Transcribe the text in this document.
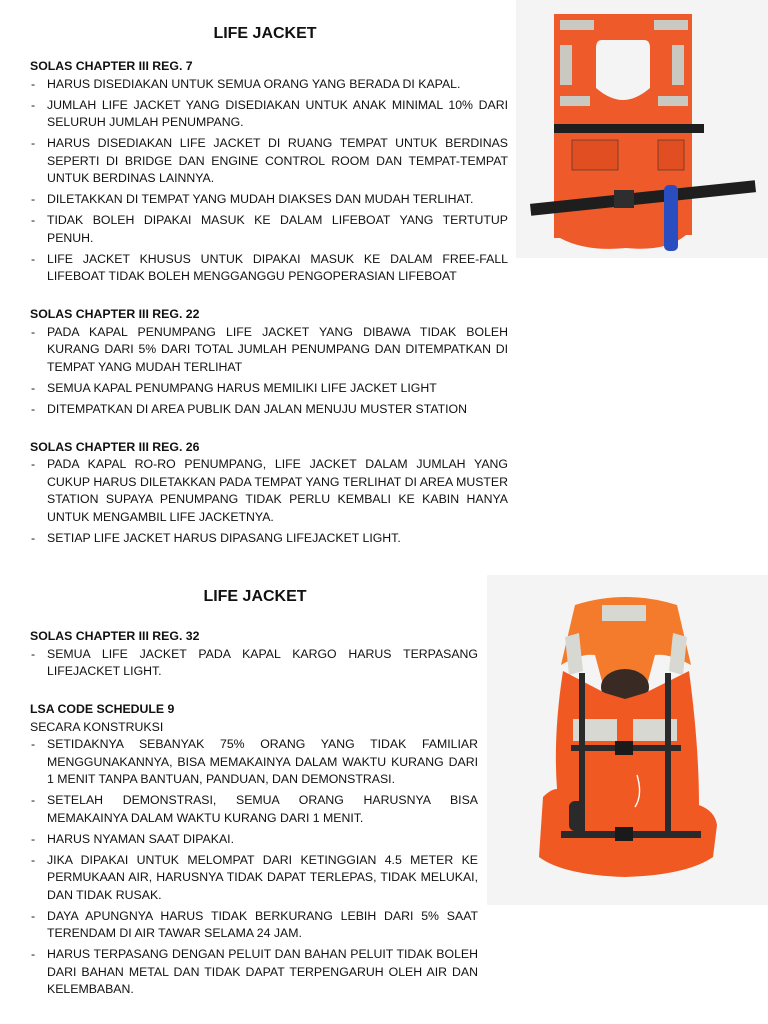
LIFE JACKET

SOLAS CHAPTER III REG. 7

- HARUS DISEDIAKAN UNTUK SEMUA ORANG YANG BERADA DI KAPAL.
- JUMLAH LIFE JACKET YANG DISEDIAKAN UNTUK ANAK MINIMAL 10% DARI SELURUH JUMLAH PENUMPANG.
- HARUS DISEDIAKAN LIFE JACKET DI RUANG TEMPAT UNTUK BERDINAS SEPERTI DI BRIDGE DAN ENGINE CONTROL ROOM DAN TEMPAT-TEMPAT UNTUK BERDINAS LAINNYA.
- DILETAKKAN DI TEMPAT YANG MUDAH DIAKSES DAN MUDAH TERLIHAT.
- TIDAK BOLEH DIPAKAI MASUK KE DALAM LIFEBOAT YANG TERTUTUP PENUH.
- LIFE JACKET KHUSUS UNTUK DIPAKAI MASUK KE DALAM FREE-FALL LIFEBOAT TIDAK BOLEH MENGGANGGU PENGOPERASIAN LIFEBOAT

SOLAS CHAPTER III REG. 22

- PADA KAPAL PENUMPANG LIFE JACKET YANG DIBAWA TIDAK BOLEH KURANG DARI 5% DARI TOTAL JUMLAH PENUMPANG DAN DITEMPATKAN DI TEMPAT YANG MUDAH TERLIHAT
- SEMUA KAPAL PENUMPANG HARUS MEMILIKI LIFE JACKET LIGHT
- DITEMPATKAN DI AREA PUBLIK DAN JALAN MENUJU MUSTER STATION

SOLAS CHAPTER III REG. 26

- PADA KAPAL RO-RO PENUMPANG, LIFE JACKET DALAM JUMLAH YANG CUKUP HARUS DILETAKKAN PADA TEMPAT YANG TERLIHAT DI AREA MUSTER STATION SUPAYA PENUMPANG TIDAK PERLU KEMBALI KE KABIN HANYA UNTUK MENGAMBIL LIFE JACKETNYA.
- SETIAP LIFE JACKET HARUS DIPASANG LIFEJACKET LIGHT.
LIFE JACKET

SOLAS CHAPTER III REG. 32

- SEMUA LIFE JACKET PADA KAPAL KARGO HARUS TERPASANG LIFEJACKET LIGHT.

LSA CODE SCHEDULE 9

SECARA KONSTRUKSI

- SETIDAKNYA SEBANYAK 75% ORANG YANG TIDAK FAMILIAR MENGGUNAKANNYA, BISA MEMAKAINYA DALAM WAKTU KURANG DARI 1 MENIT TANPA BANTUAN, PANDUAN, DAN DEMONSTRASI.
- SETELAH DEMONSTRASI, SEMUA ORANG HARUSNYA BISA MEMAKAINYA DALAM WAKTU KURANG DARI 1 MENIT.
- HARUS NYAMAN SAAT DIPAKAI.
- JIKA DIPAKAI UNTUK MELOMPAT DARI KETINGGIAN 4.5 METER KE PERMUKAAN AIR, HARUSNYA TIDAK DAPAT TERLEPAS, TIDAK MELUKAI, DAN TIDAK RUSAK.
- DAYA APUNGNYA HARUS TIDAK BERKURANG LEBIH DARI 5% SAAT TERENDAM DI AIR TAWAR SELAMA 24 JAM.
- HARUS TERPASANG DENGAN PELUIT DAN BAHAN PELUIT TIDAK BOLEH DARI BAHAN METAL DAN TIDAK DAPAT TERPENGARUH OLEH AIR DAN KELEMBABAN.
